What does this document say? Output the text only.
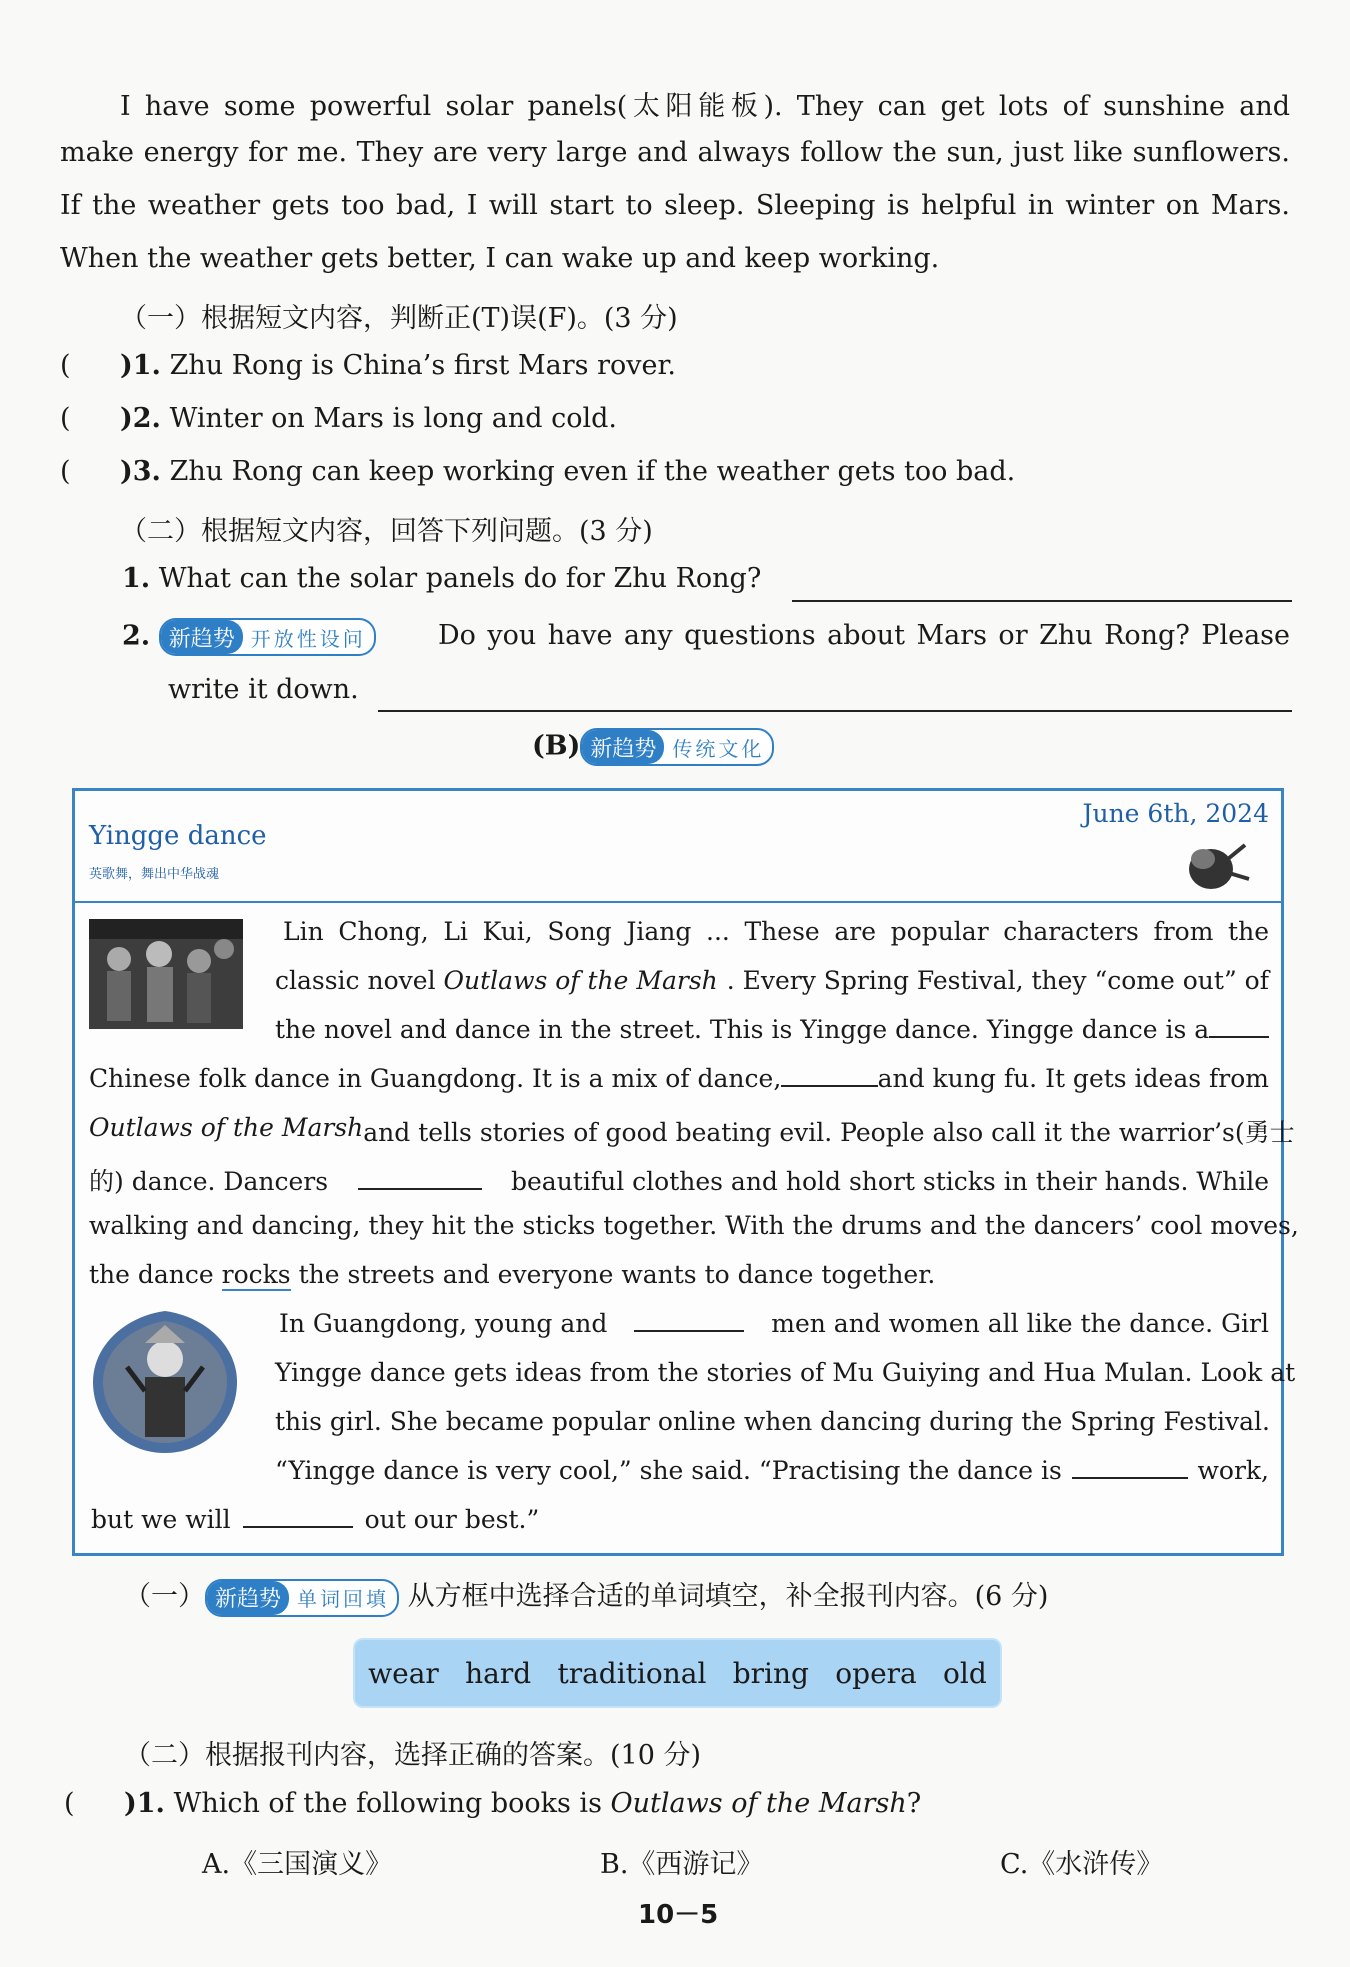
I have some powerful solar panels(太阳能板). They can get lots of sunshine and
make energy for me. They are very large and always follow the sun, just like sunflowers.
If the weather gets too bad, I will start to sleep. Sleeping is helpful in winter on Mars.
When the weather gets better, I can wake up and keep working.
（一）根据短文内容，判断正(T)误(F)。(3 分)
( )1. Zhu Rong is China’s first Mars rover.
( )2. Winter on Mars is long and cold.
( )3. Zhu Rong can keep working even if the weather gets too bad.
（二）根据短文内容，回答下列问题。(3 分)
1. What can the solar panels do for Zhu Rong?
2. 新趋势 开放性设问	Do you have any questions about Mars or Zhu Rong? Please
write it down.
(B) 新趋势 传统文化
Yingge dance
英歌舞，舞出中华战魂
June 6th, 2024
Lin Chong, Li Kui, Song Jiang ... These are popular characters from the
classic novel Outlaws of the Marsh . Every Spring Festival, they “come out” of
the novel and dance in the street. This is Yingge dance. Yingge dance is a
Chinese folk dance in Guangdong. It is a mix of dance,	and kung fu. It gets ideas from
Outlaws of the Marsh and tells stories of good beating evil. People also call it the warrior’s(勇士
的) dance. Dancers	beautiful clothes and hold short sticks in their hands. While
walking and dancing, they hit the sticks together. With the drums and the dancers’ cool moves,
the dance rocks the streets and everyone wants to dance together.
In Guangdong, young and	men and women all like the dance. Girl
Yingge dance gets ideas from the stories of Mu Guiying and Hua Mulan. Look at
this girl. She became popular online when dancing during the Spring Festival.
“Yingge dance is very cool,” she said. “Practising the dance is	work,
but we will	out our best.”
（一） 新趋势 单词回填 从方框中选择合适的单词填空，补全报刊内容。(6 分)
wear hard traditional bring opera old
（二）根据报刊内容，选择正确的答案。(10 分)
( )1. Which of the following books is Outlaws of the Marsh?
A.《三国演义》	B.《西游记》	C.《水浒传》
10－5
